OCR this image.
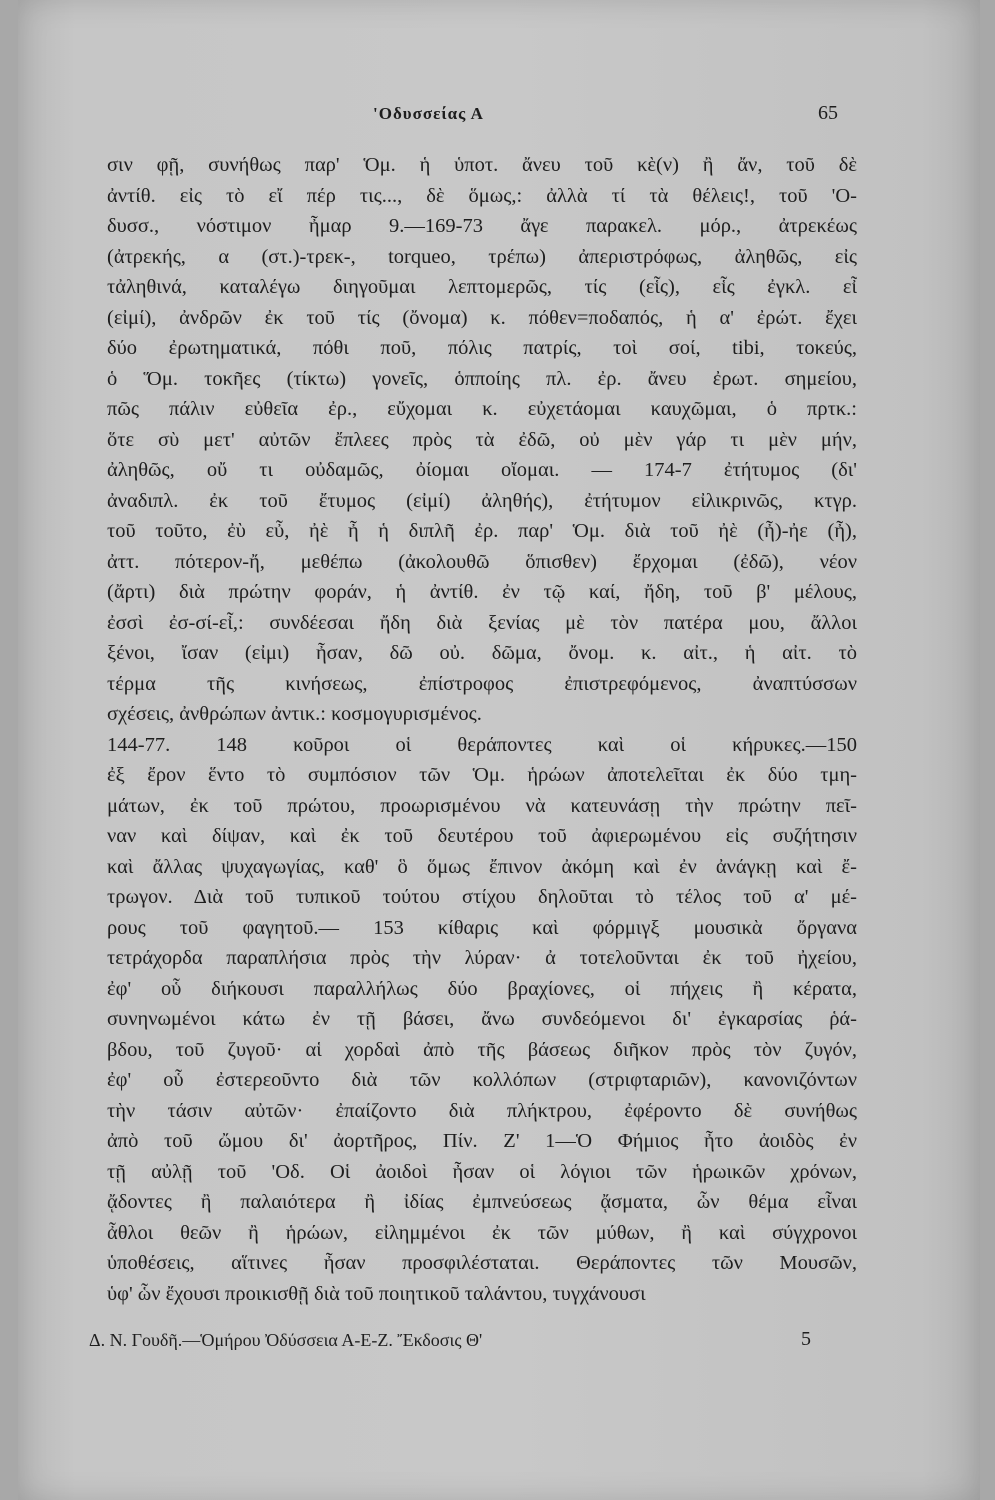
'Οδυσσείας Α	65
σιν φῇ, συνήθως παρ' Ὁμ. ἡ ὑποτ. ἄνευ τοῦ κὲ(ν) ἢ ἄν, τοῦ δὲ
ἀντίθ. εἰς τὸ εἴ πέρ τις..., δὲ ὅμως,: ἀλλὰ τί τὰ θέλεις!, τοῦ 'Ο-
δυσσ., νόστιμον ἦμαρ 9.—169-73 ἄγε παρακελ. μόρ., ἀτρεκέως
(ἀτρεκής, α (στ.)-τρεκ-, torqueo, τρέπω) ἀπεριστρόφως, ἀληθῶς, εἰς
τἀληθινά, καταλέγω διηγοῦμαι λεπτομερῶς, τίς (εἷς), εἷς ἐγκλ. εἶ
(εἰμί), ἀνδρῶν ἐκ τοῦ τίς (ὄνομα) κ. πόθεν=ποδαπός, ἡ α' ἐρώτ. ἔχει
δύο ἐρωτηματικά, πόθι ποῦ, πόλις πατρίς, τοὶ σοί, tibi, τοκεύς,
ὁ Ὅμ. τοκῆες (τίκτω) γονεῖς, ὁπποίης πλ. ἐρ. ἄνευ ἐρωτ. σημείου,
πῶς πάλιν εὐθεῖα ἐρ., εὔχομαι κ. εὐχετάομαι καυχῶμαι, ὁ πρτκ.:
ὅτε σὺ μετ' αὐτῶν ἔπλεες πρὸς τὰ ἐδῶ, οὐ μὲν γάρ τι μὲν μήν,
ἀληθῶς, οὔ τι οὐδαμῶς, ὀίομαι οἴομαι. — 174-7 ἐτήτυμος (δι'
ἀναδιπλ. ἐκ τοῦ ἔτυμος (εἰμί) ἀληθής), ἐτήτυμον εἰλικρινῶς, κτγρ.
τοῦ τοῦτο, ἐὺ εὖ, ἠὲ ἦ ἡ διπλῆ ἐρ. παρ' Ὁμ. διὰ τοῦ ἠὲ (ἦ)-ἠε (ἦ),
ἀττ. πότερον-ἤ, μεθέπω (ἀκολουθῶ ὅπισθεν) ἔρχομαι (ἐδῶ), νέον
(ἄρτι) διὰ πρώτην φοράν, ἡ ἀντίθ. ἐν τῷ καί, ἤδη, τοῦ β' μέλους,
ἐσσὶ ἐσ-σί-εἶ,: συνδέεσαι ἤδη διὰ ξενίας μὲ τὸν πατέρα μου, ἄλλοι
ξένοι, ἴσαν (εἰμι) ἦσαν, δῶ οὐ. δῶμα, ὄνομ. κ. αἰτ., ἡ αἰτ. τὸ
τέρμα τῆς κινήσεως, ἐπίστροφος ἐπιστρεφόμενος, ἀναπτύσσων
σχέσεις, ἀνθρώπων ἀντικ.: κοσμογυρισμένος.
144-77. 148 κοῦροι οἱ θεράποντες καὶ οἱ κήρυκες.—150
ἐξ ἔρον ἕντο τὸ συμπόσιον τῶν Ὁμ. ἡρώων ἀποτελεῖται ἐκ δύο τμη-
μάτων, ἐκ τοῦ πρώτου, προωρισμένου νὰ κατευνάσῃ τὴν πρώτην πεῖ-
ναν καὶ δίψαν, καὶ ἐκ τοῦ δευτέρου τοῦ ἀφιερωμένου εἰς συζήτησιν
καὶ ἄλλας ψυχαγωγίας, καθ' ὃ ὅμως ἔπινον ἀκόμη καὶ ἐν ἀνάγκῃ καὶ ἔ-
τρωγον. Διὰ τοῦ τυπικοῦ τούτου στίχου δηλοῦται τὸ τέλος τοῦ α' μέ-
ρους τοῦ φαγητοῦ.— 153 κίθαρις καὶ φόρμιγξ μουσικὰ ὄργανα
τετράχορδα παραπλήσια πρὸς τὴν λύραν· ἀ τοτελοῦνται ἐκ τοῦ ἠχείου,
ἐφ' οὗ διήκουσι παραλλήλως δύο βραχίονες, οἱ πήχεις ἢ κέρατα,
συνηνωμένοι κάτω ἐν τῇ βάσει, ἄνω συνδεόμενοι δι' ἐγκαρσίας ῥά-
βδου, τοῦ ζυγοῦ· αἱ χορδαὶ ἀπὸ τῆς βάσεως διῆκον πρὸς τὸν ζυγόν,
ἐφ' οὗ ἐστερεοῦντο διὰ τῶν κολλόπων (στριφταριῶν), κανονιζόντων
τὴν τάσιν αὐτῶν· ἐπαίζοντο διὰ πλήκτρου, ἐφέροντο δὲ συνήθως
ἀπὸ τοῦ ὤμου δι' ἀορτῆρος, Πίν. Ζ' 1—Ὁ Φήμιος ἦτο ἀοιδὸς ἐν
τῇ αὐλῇ τοῦ 'Οδ. Οἱ ἀοιδοὶ ἦσαν οἱ λόγιοι τῶν ἡρωικῶν χρόνων,
ᾄδοντες ἢ παλαιότερα ἢ ἰδίας ἐμπνεύσεως ᾄσματα, ὧν θέμα εἶναι
ἆθλοι θεῶν ἢ ἡρώων, εἰλημμένοι ἐκ τῶν μύθων, ἢ καὶ σύγχρονοι
ὑποθέσεις, αἵτινες ἦσαν προσφιλέσταται. Θεράποντες τῶν Μουσῶν,
ὑφ' ὧν ἔχουσι προικισθῇ διὰ τοῦ ποιητικοῦ ταλάντου, τυγχάνουσι
Δ. Ν. Γουδῆ.—Ὁμήρου Ὀδύσσεια Α-Ε-Ζ. Ἔκδοσις Θ'	5
